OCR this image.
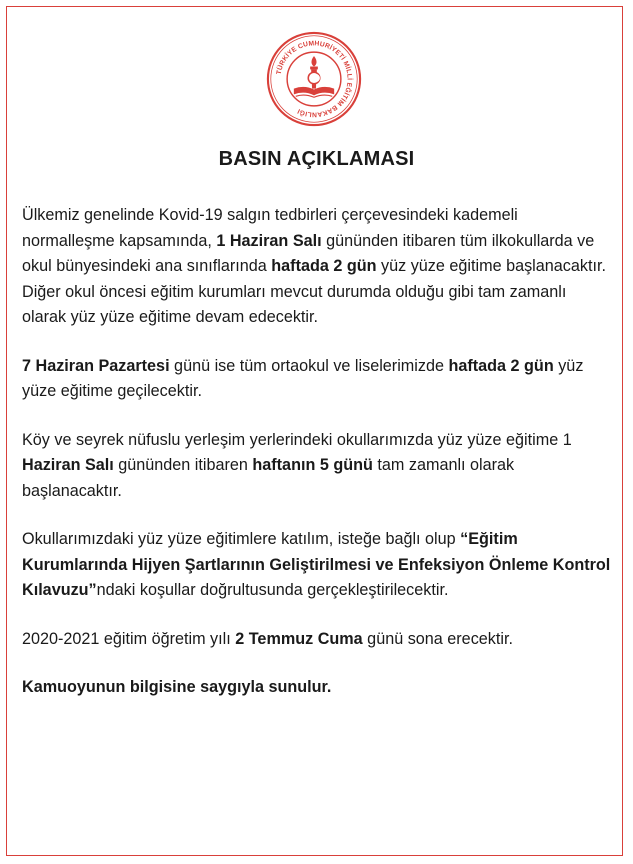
TÜRKİYE CUMHURİYETİ MİLLİ EĞİTİM BAKANLIĞI
BASIN AÇIKLAMASI

Ülkemiz genelinde Kovid-19 salgın tedbirleri çerçevesindeki kademeli normalleşme kapsamında, 1 Haziran Salı gününden itibaren tüm ilkokullarda ve okul bünyesindeki ana sınıflarında haftada 2 gün yüz yüze eğitime başlanacaktır. Diğer okul öncesi eğitim kurumları mevcut durumda olduğu gibi tam zamanlı olarak yüz yüze eğitime devam edecektir.

7 Haziran Pazartesi günü ise tüm ortaokul ve liselerimizde haftada 2 gün yüz yüze eğitime geçilecektir.

Köy ve seyrek nüfuslu yerleşim yerlerindeki okullarımızda yüz yüze eğitime 1 Haziran Salı gününden itibaren haftanın 5 günü tam zamanlı olarak başlanacaktır.

Okullarımızdaki yüz yüze eğitimlere katılım, isteğe bağlı olup “Eğitim Kurumlarında Hijyen Şartlarının Geliştirilmesi ve Enfeksiyon Önleme Kontrol Kılavuzu”ndaki koşullar doğrultusunda gerçekleştirilecektir.

2020-2021 eğitim öğretim yılı 2 Temmuz Cuma günü sona erecektir.

Kamuoyunun bilgisine saygıyla sunulur.
